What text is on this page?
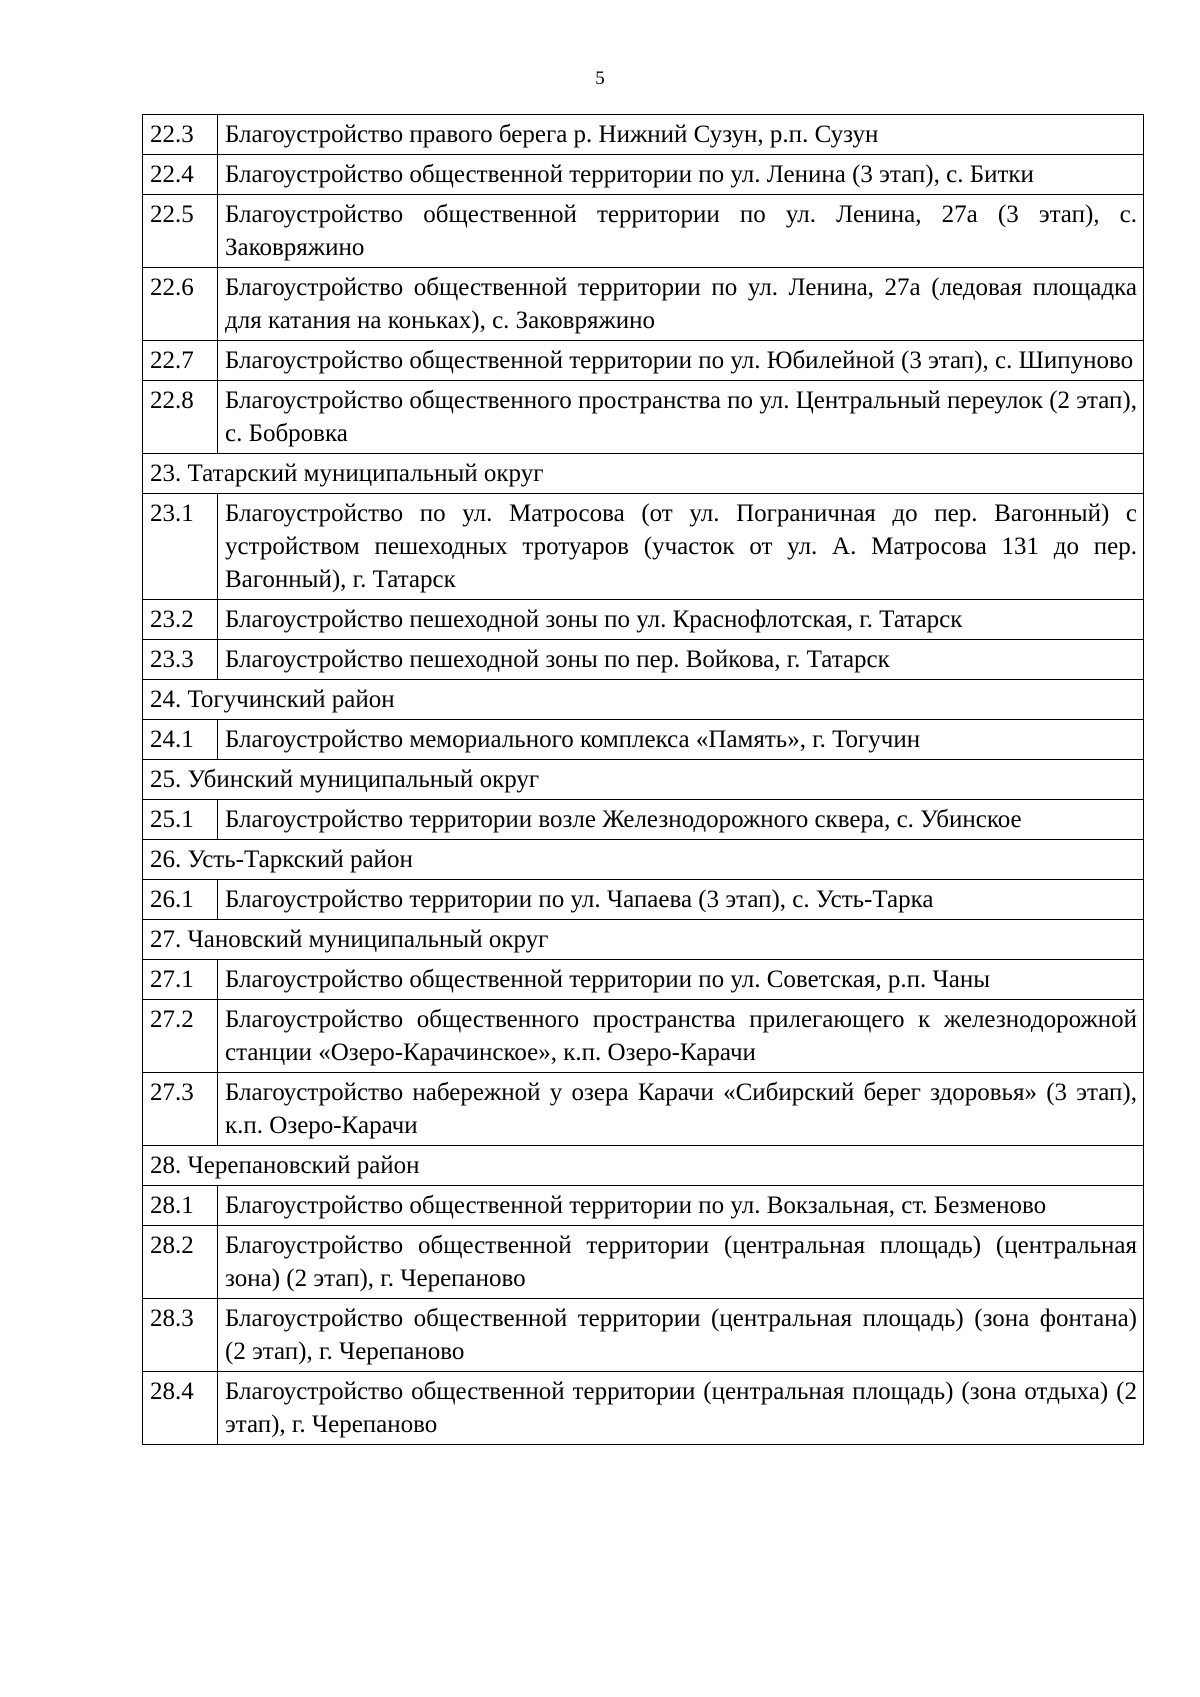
5
22.3	Благоустройство правого берега р. Нижний Сузун, р.п. Сузун
22.4	Благоустройство общественной территории по ул. Ленина (3 этап), с. Битки
22.5	Благоустройство общественной территории по ул. Ленина, 27а (3 этап), с. Заковряжино
22.6	Благоустройство общественной территории по ул. Ленина, 27а (ледовая площадка для катания на коньках), с. Заковряжино
22.7	Благоустройство общественной территории по ул. Юбилейной (3 этап), с. Шипуново
22.8	Благоустройство общественного пространства по ул. Центральный переулок (2 этап), с. Бобровка
23. Татарский муниципальный округ	
23.1	Благоустройство по ул. Матросова (от ул. Пограничная до пер. Вагонный) с устройством пешеходных тротуаров (участок от ул. А. Матросова 131 до пер. Вагонный), г. Татарск
23.2	Благоустройство пешеходной зоны по ул. Краснофлотская, г. Татарск
23.3	Благоустройство пешеходной зоны по пер. Войкова, г. Татарск
24. Тогучинский район	
24.1	Благоустройство мемориального комплекса «Память», г. Тогучин
25. Убинский муниципальный округ	
25.1	Благоустройство территории возле Железнодорожного сквера, с. Убинское
26. Усть-Таркский район	
26.1	Благоустройство территории по ул. Чапаева (3 этап), с. Усть-Тарка
27. Чановский муниципальный округ	
27.1	Благоустройство общественной территории по ул. Советская, р.п. Чаны
27.2	Благоустройство общественного пространства прилегающего к железнодорожной станции «Озеро-Карачинское», к.п. Озеро-Карачи
27.3	Благоустройство набережной у озера Карачи «Сибирский берег здоровья» (3 этап), к.п. Озеро-Карачи
28. Черепановский район	
28.1	Благоустройство общественной территории по ул. Вокзальная, ст. Безменово
28.2	Благоустройство общественной территории (центральная площадь) (центральная зона) (2 этап), г. Черепаново
28.3	Благоустройство общественной территории (центральная площадь) (зона фонтана) (2 этап), г. Черепаново
28.4	Благоустройство общественной территории (центральная площадь) (зона отдыха) (2 этап), г. Черепаново
